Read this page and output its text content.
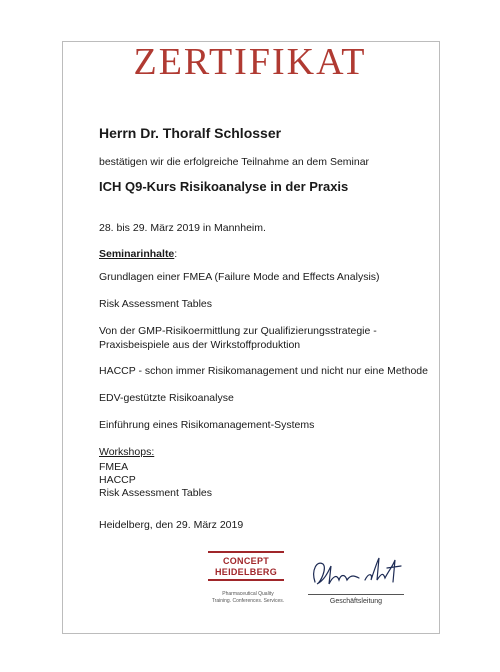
ZERTIFIKAT
Herrn Dr. Thoralf Schlosser
bestätigen wir die erfolgreiche Teilnahme an dem Seminar
ICH Q9-Kurs Risikoanalyse in der Praxis
28. bis 29. März 2019 in Mannheim.
Seminarinhalte:
Grundlagen einer FMEA (Failure Mode and Effects Analysis)
Risk Assessment Tables
Von der GMP-Risikoermittlung zur Qualifizierungsstrategie - Praxisbeispiele aus der Wirkstoffproduktion
HACCP - schon immer Risikomanagement und nicht nur eine Methode
EDV-gestützte Risikoanalyse
Einführung eines Risikomanagement-Systems
Workshops:
FMEA
HACCP
Risk Assessment Tables
Heidelberg, den 29. März 2019
CONCEPT
HEIDELBERG
Pharmaceutical Quality
Training. Conferences. Services.	Geschäftsleitung
